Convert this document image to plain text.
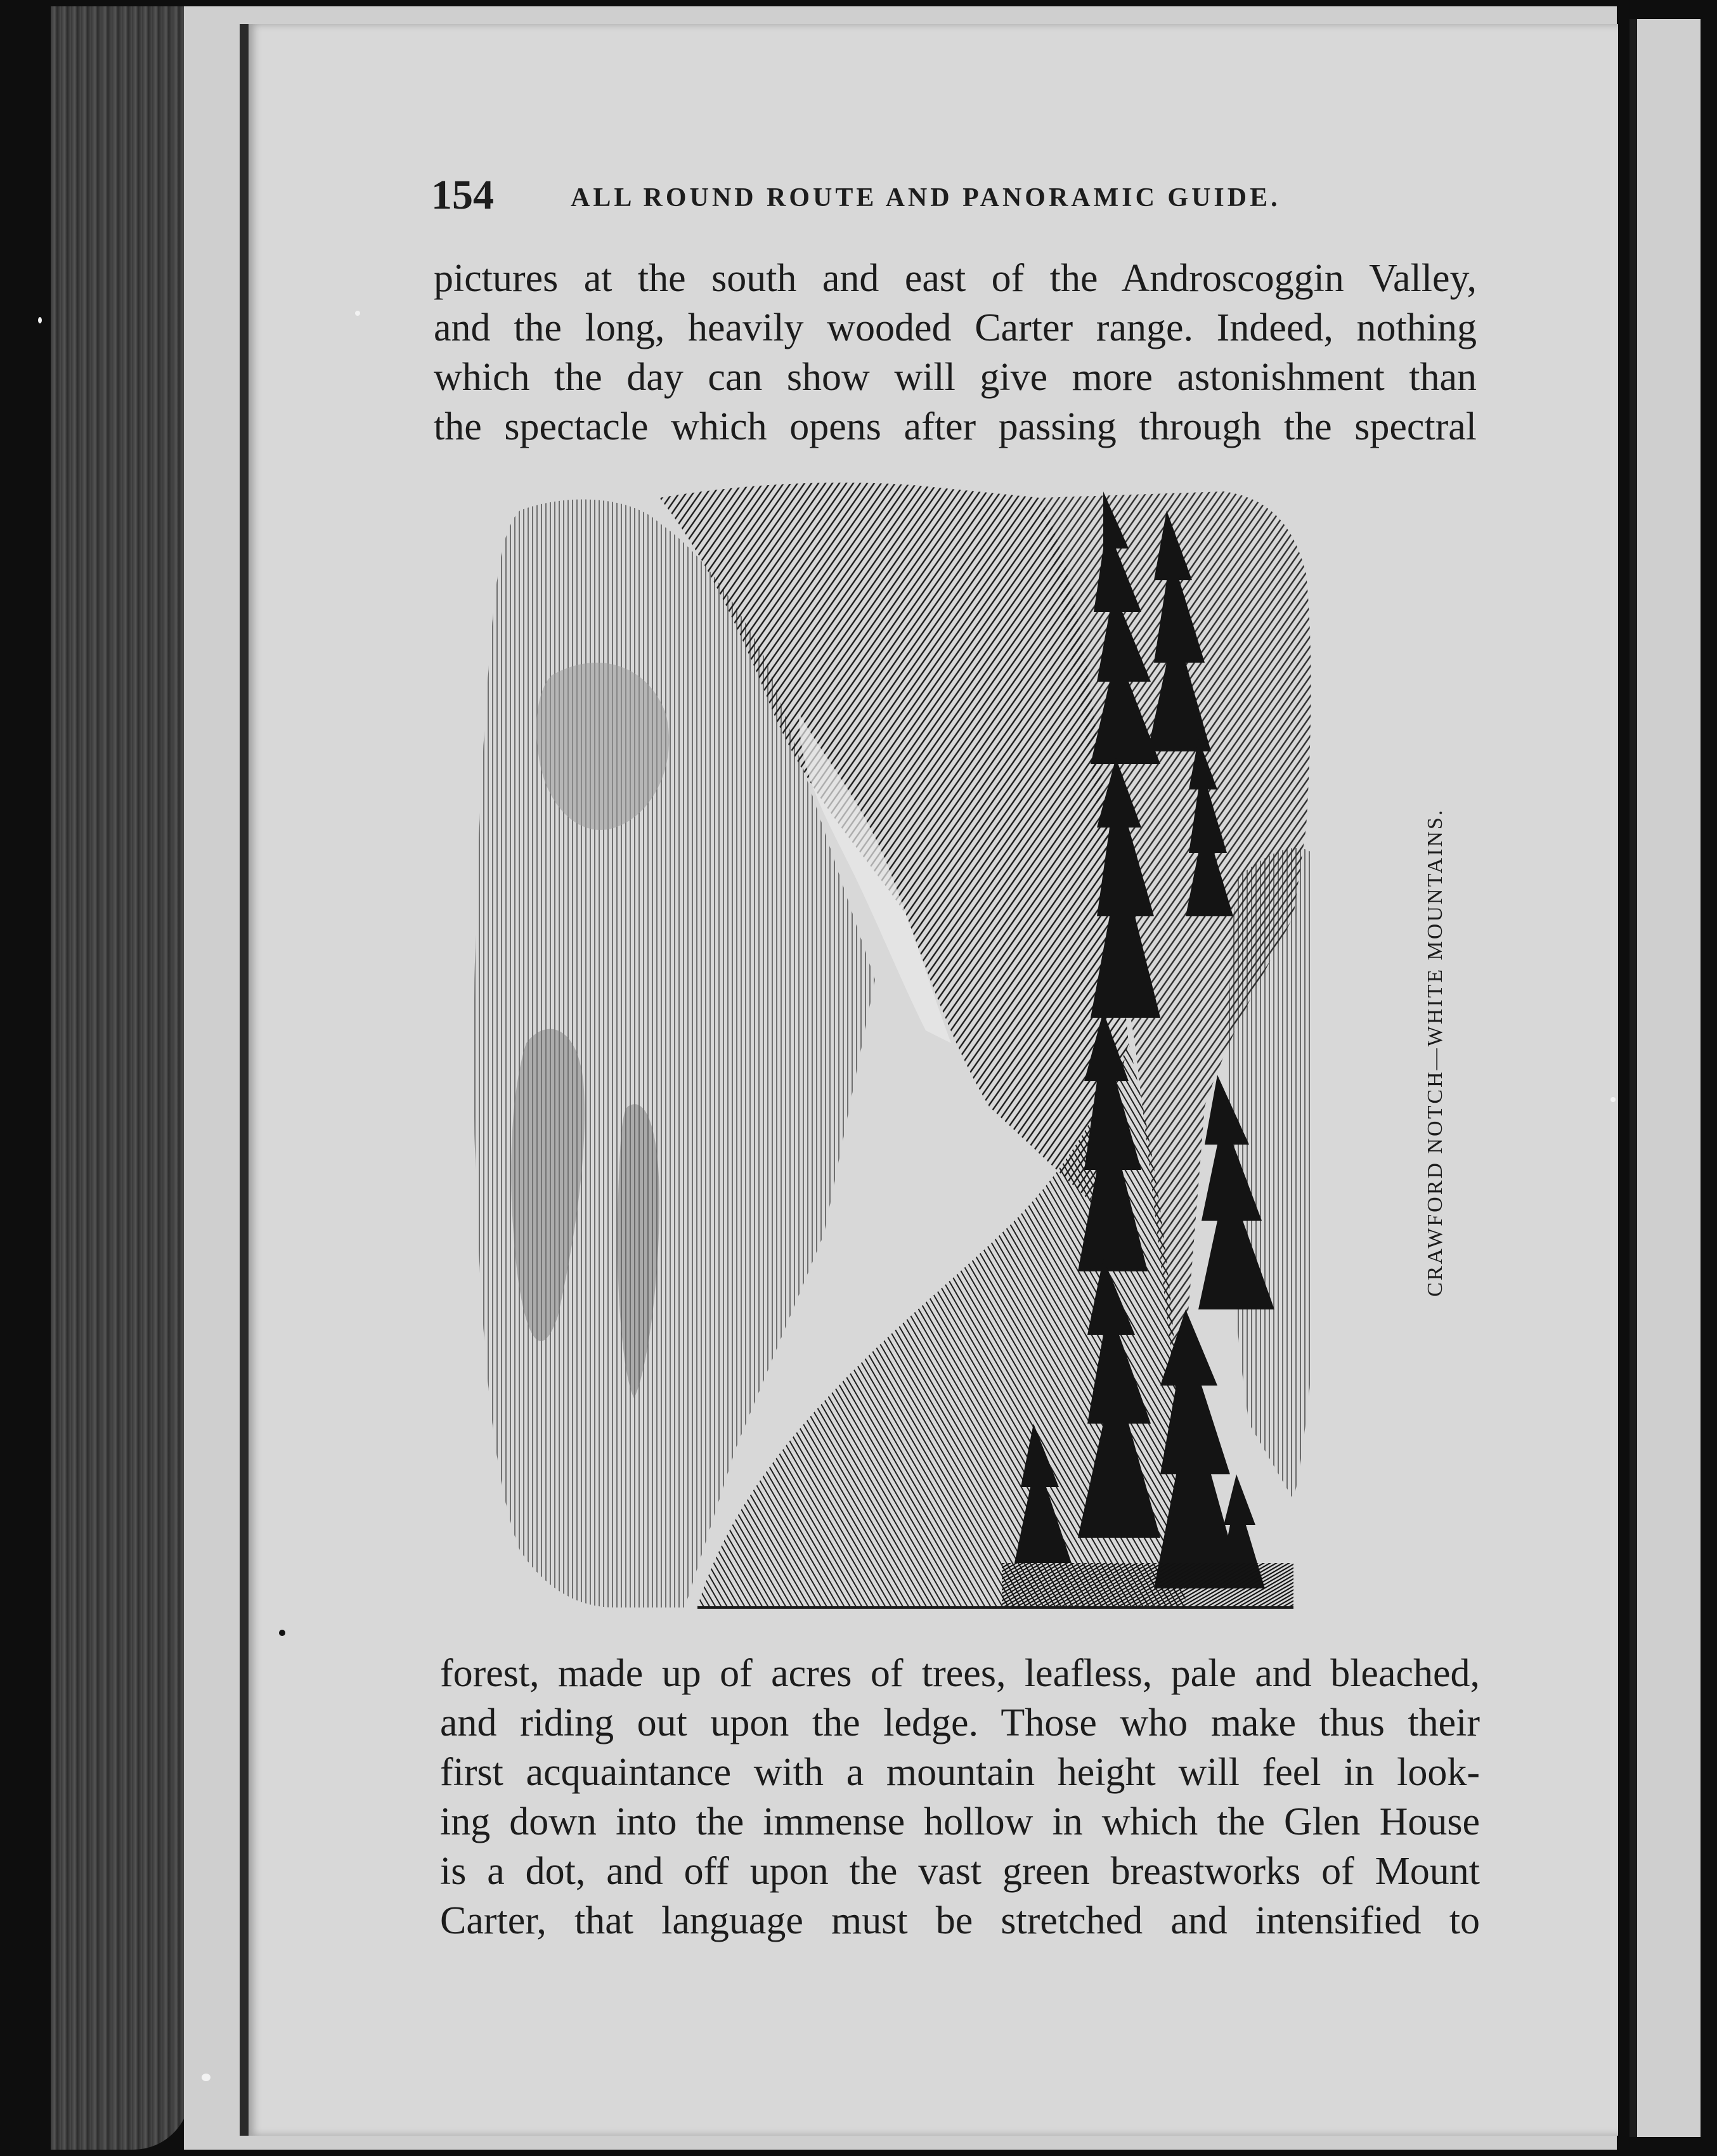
154	ALL ROUND ROUTE AND PANORAMIC GUIDE.
pictures at the south and east of the Androscoggin Valley,
and the long, heavily wooded Carter range. Indeed, nothing
which the day can show will give more astonishment than
the spectacle which opens after passing through the spectral
CRAWFORD NOTCH—WHITE MOUNTAINS.
forest, made up of acres of trees, leafless, pale and bleached,
and riding out upon the ledge. Those who make thus their
first acquaintance with a mountain height will feel in look-
ing down into the immense hollow in which the Glen House
is a dot, and off upon the vast green breastworks of Mount
Carter, that language must be stretched and intensified to
